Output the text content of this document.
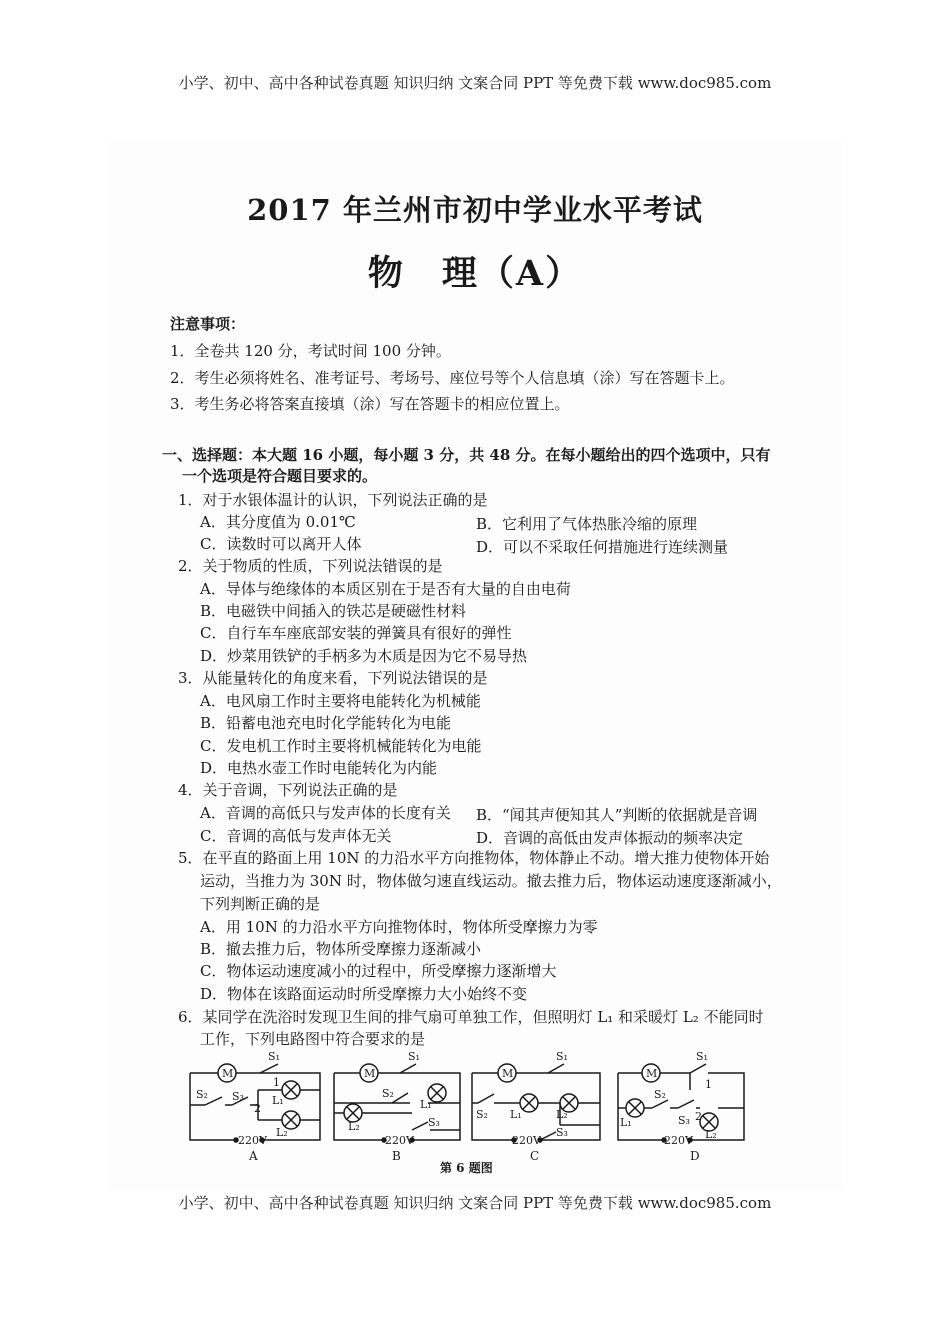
小学、初中、高中各种试卷真题 知识归纳 文案合同 PPT 等免费下载 www.doc985.com
2017 年兰州市初中学业水平考试
物　理（A）
注意事项：
1．全卷共 120 分，考试时间 100 分钟。
2．考生必须将姓名、准考证号、考场号、座位号等个人信息填（涂）写在答题卡上。
3．考生务必将答案直接填（涂）写在答题卡的相应位置上。
一、选择题：本大题 16 小题，每小题 3 分，共 48 分。在每小题给出的四个选项中，只有
一个选项是符合题目要求的。
1．对于水银体温计的认识，下列说法正确的是
A．其分度值为 0.01℃	B．它利用了气体热胀冷缩的原理
C．读数时可以离开人体	D．可以不采取任何措施进行连续测量
2．关于物质的性质，下列说法错误的是
A．导体与绝缘体的本质区别在于是否有大量的自由电荷
B．电磁铁中间插入的铁芯是硬磁性材料
C．自行车车座底部安装的弹簧具有很好的弹性
D．炒菜用铁铲的手柄多为木质是因为它不易导热
3．从能量转化的角度来看，下列说法错误的是
A．电风扇工作时主要将电能转化为机械能
B．铅蓄电池充电时化学能转化为电能
C．发电机工作时主要将机械能转化为电能
D．电热水壶工作时电能转化为内能
4．关于音调，下列说法正确的是
A．音调的高低只与发声体的长度有关 B．“闻其声便知其人”判断的依据就是音调
C．音调的高低与发声体无关	D．音调的高低由发声体振动的频率决定
5．在平直的路面上用 10N 的力沿水平方向推物体，物体静止不动。增大推力使物体开始
运动，当推力为 30N 时，物体做匀速直线运动。撤去推力后，物体运动速度逐渐减小，
下列判断正确的是
A．用 10N 的力沿水平方向推物体时，物体所受摩擦力为零
B．撤去推力后，物体所受摩擦力逐渐减小
C．物体运动速度减小的过程中，所受摩擦力逐渐增大
D．物体在该路面运动时所受摩擦力大小始终不变
6．某同学在洗浴时发现卫生间的排气扇可单独工作，但照明灯 L₁ 和采暖灯 L₂ 不能同时
工作，下列电路图中符合要求的是
M
S₁
S₂ S₃
1
2
L₁
L₂
220V
A
M
S₁
S₂
S₃
L₁
L₂
220V
B
M
S₁
S₂
S₃
L₁	L₂
220V
C
M
S₁
S₂
S₃
1
2
L₁
L₂
220V
D
第 6 题图
小学、初中、高中各种试卷真题 知识归纳 文案合同 PPT 等免费下载 www.doc985.com
